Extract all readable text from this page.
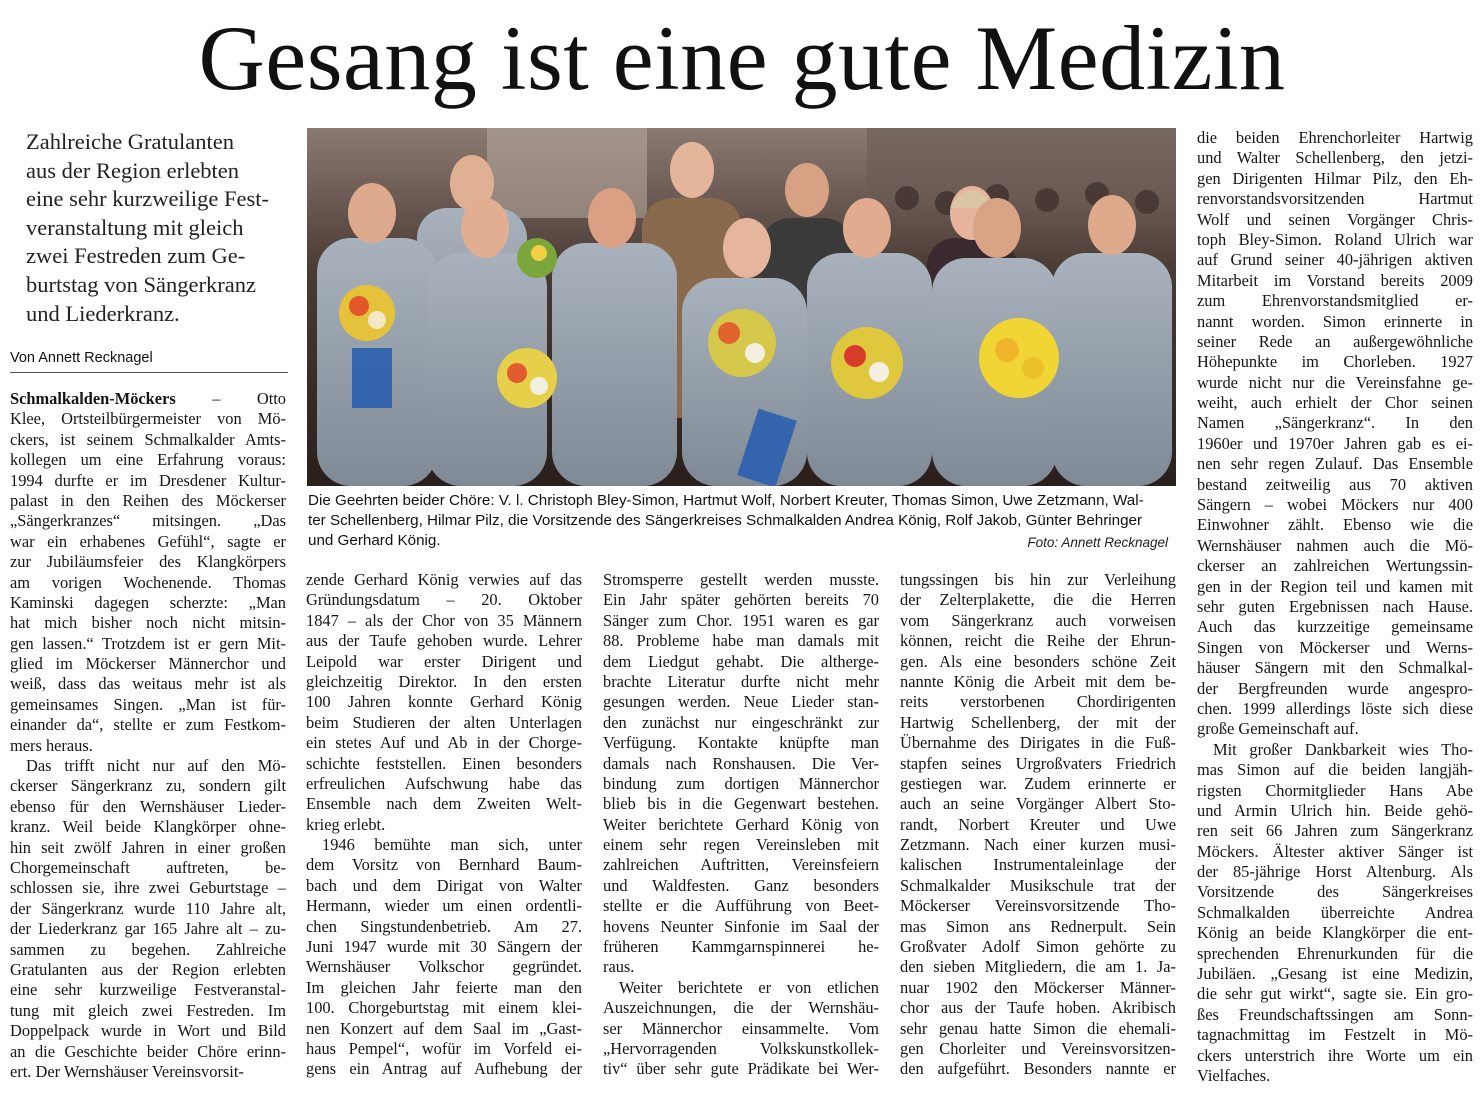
Gesang ist eine gute Medizin
Zahlreiche Gratulanten
aus der Region erlebten
eine sehr kurzweilige Fest-
veranstaltung mit gleich
zwei Festreden zum Ge-
burtstag von Sängerkranz
und Liederkranz.
Von Annett Recknagel
Schmalkalden-Möckers – Otto
Klee, Ortsteilbürgermeister von Mö-
ckers, ist seinem Schmalkalder Amts-
kollegen um eine Erfahrung voraus:
1994 durfte er im Dresdener Kultur-
palast in den Reihen des Möckerser
„Sängerkranzes“ mitsingen. „Das
war ein erhabenes Gefühl“, sagte er
zur Jubiläumsfeier des Klangkörpers
am vorigen Wochenende. Thomas
Kaminski dagegen scherzte: „Man
hat mich bisher noch nicht mitsin-
gen lassen.“ Trotzdem ist er gern Mit-
glied im Möckerser Männerchor und
weiß, dass das weitaus mehr ist als
gemeinsames Singen. „Man ist für-
einander da“, stellte er zum Festkom-
mers heraus.
Das trifft nicht nur auf den Mö-
ckerser Sängerkranz zu, sondern gilt
ebenso für den Wernshäuser Lieder-
kranz. Weil beide Klangkörper ohne-
hin seit zwölf Jahren in einer großen
Chorgemeinschaft auftreten, be-
schlossen sie, ihre zwei Geburtstage –
der Sängerkranz wurde 110 Jahre alt,
der Liederkranz gar 165 Jahre alt – zu-
sammen zu begehen. Zahlreiche
Gratulanten aus der Region erlebten
eine sehr kurzweilige Festveranstal-
tung mit gleich zwei Festreden. Im
Doppelpack wurde in Wort und Bild
an die Geschichte beider Chöre erinn-
ert. Der Wernshäuser Vereinsvorsit-
zende Gerhard König verwies auf das
Gründungsdatum – 20. Oktober
1847 – als der Chor von 35 Männern
aus der Taufe gehoben wurde. Lehrer
Leipold war erster Dirigent und
gleichzeitig Direktor. In den ersten
100 Jahren konnte Gerhard König
beim Studieren der alten Unterlagen
ein stetes Auf und Ab in der Chorge-
schichte feststellen. Einen besonders
erfreulichen Aufschwung habe das
Ensemble nach dem Zweiten Welt-
krieg erlebt.
1946 bemühte man sich, unter
dem Vorsitz von Bernhard Baum-
bach und dem Dirigat von Walter
Hermann, wieder um einen ordentli-
chen Singstundenbetrieb. Am 27.
Juni 1947 wurde mit 30 Sängern der
Wernshäuser Volkschor gegründet.
Im gleichen Jahr feierte man den
100. Chorgeburtstag mit einem klei-
nen Konzert auf dem Saal im „Gast-
haus Pempel“, wofür im Vorfeld ei-
gens ein Antrag auf Aufhebung der
Stromsperre gestellt werden musste.
Ein Jahr später gehörten bereits 70
Sänger zum Chor. 1951 waren es gar
88. Probleme habe man damals mit
dem Liedgut gehabt. Die altherge-
brachte Literatur durfte nicht mehr
gesungen werden. Neue Lieder stan-
den zunächst nur eingeschränkt zur
Verfügung. Kontakte knüpfte man
damals nach Ronshausen. Die Ver-
bindung zum dortigen Männerchor
blieb bis in die Gegenwart bestehen.
Weiter berichtete Gerhard König von
einem sehr regen Vereinsleben mit
zahlreichen Auftritten, Vereinsfeiern
und Waldfesten. Ganz besonders
stellte er die Aufführung von Beet-
hovens Neunter Sinfonie im Saal der
früheren Kammgarnspinnerei he-
raus.
Weiter berichtete er von etlichen
Auszeichnungen, die der Wernshäu-
ser Männerchor einsammelte. Vom
„Hervorragenden Volkskunstkollek-
tiv“ über sehr gute Prädikate bei Wer-
tungssingen bis hin zur Verleihung
der Zelterplakette, die die Herren
vom Sängerkranz auch vorweisen
können, reicht die Reihe der Ehrun-
gen. Als eine besonders schöne Zeit
nannte König die Arbeit mit dem be-
reits verstorbenen Chordirigenten
Hartwig Schellenberg, der mit der
Übernahme des Dirigates in die Fuß-
stapfen seines Urgroßvaters Friedrich
gestiegen war. Zudem erinnerte er
auch an seine Vorgänger Albert Sto-
randt, Norbert Kreuter und Uwe
Zetzmann. Nach einer kurzen musi-
kalischen Instrumentaleinlage der
Schmalkalder Musikschule trat der
Möckerser Vereinsvorsitzende Tho-
mas Simon ans Rednerpult. Sein
Großvater Adolf Simon gehörte zu
den sieben Mitgliedern, die am 1. Ja-
nuar 1902 den Möckerser Männer-
chor aus der Taufe hoben. Akribisch
sehr genau hatte Simon die ehemali-
gen Chorleiter und Vereinsvorsitzen-
den aufgeführt. Besonders nannte er
die beiden Ehrenchorleiter Hartwig
und Walter Schellenberg, den jetzi-
gen Dirigenten Hilmar Pilz, den Eh-
renvorstandsvorsitzenden Hartmut
Wolf und seinen Vorgänger Chris-
toph Bley-Simon. Roland Ulrich war
auf Grund seiner 40-jährigen aktiven
Mitarbeit im Vorstand bereits 2009
zum Ehrenvorstandsmitglied er-
nannt worden. Simon erinnerte in
seiner Rede an außergewöhnliche
Höhepunkte im Chorleben. 1927
wurde nicht nur die Vereinsfahne ge-
weiht, auch erhielt der Chor seinen
Namen „Sängerkranz“. In den
1960er und 1970er Jahren gab es ei-
nen sehr regen Zulauf. Das Ensemble
bestand zeitweilig aus 70 aktiven
Sängern – wobei Möckers nur 400
Einwohner zählt. Ebenso wie die
Wernshäuser nahmen auch die Mö-
ckerser an zahlreichen Wertungssin-
gen in der Region teil und kamen mit
sehr guten Ergebnissen nach Hause.
Auch das kurzzeitige gemeinsame
Singen von Möckerser und Werns-
häuser Sängern mit den Schmalkal-
der Bergfreunden wurde angespro-
chen. 1999 allerdings löste sich diese
große Gemeinschaft auf.
Mit großer Dankbarkeit wies Tho-
mas Simon auf die beiden langjäh-
rigsten Chormitglieder Hans Abe
und Armin Ulrich hin. Beide gehö-
ren seit 66 Jahren zum Sängerkranz
Möckers. Ältester aktiver Sänger ist
der 85-jährige Horst Altenburg. Als
Vorsitzende des Sängerkreises
Schmalkalden überreichte Andrea
König an beide Klangkörper die ent-
sprechenden Ehrenurkunden für die
Jubiläen. „Gesang ist eine Medizin,
die sehr gut wirkt“, sagte sie. Ein gro-
ßes Freundschaftssingen am Sonn-
tagnachmittag im Festzelt in Mö-
ckers unterstrich ihre Worte um ein
Vielfaches.
Die Geehrten beider Chöre: V. l. Christoph Bley-Simon, Hartmut Wolf, Norbert Kreuter, Thomas Simon, Uwe Zetzmann, Wal-
ter Schellenberg, Hilmar Pilz, die Vorsitzende des Sängerkreises Schmalkalden Andrea König, Rolf Jakob, Günter Behringer
und Gerhard König.	Foto: Annett Recknagel
